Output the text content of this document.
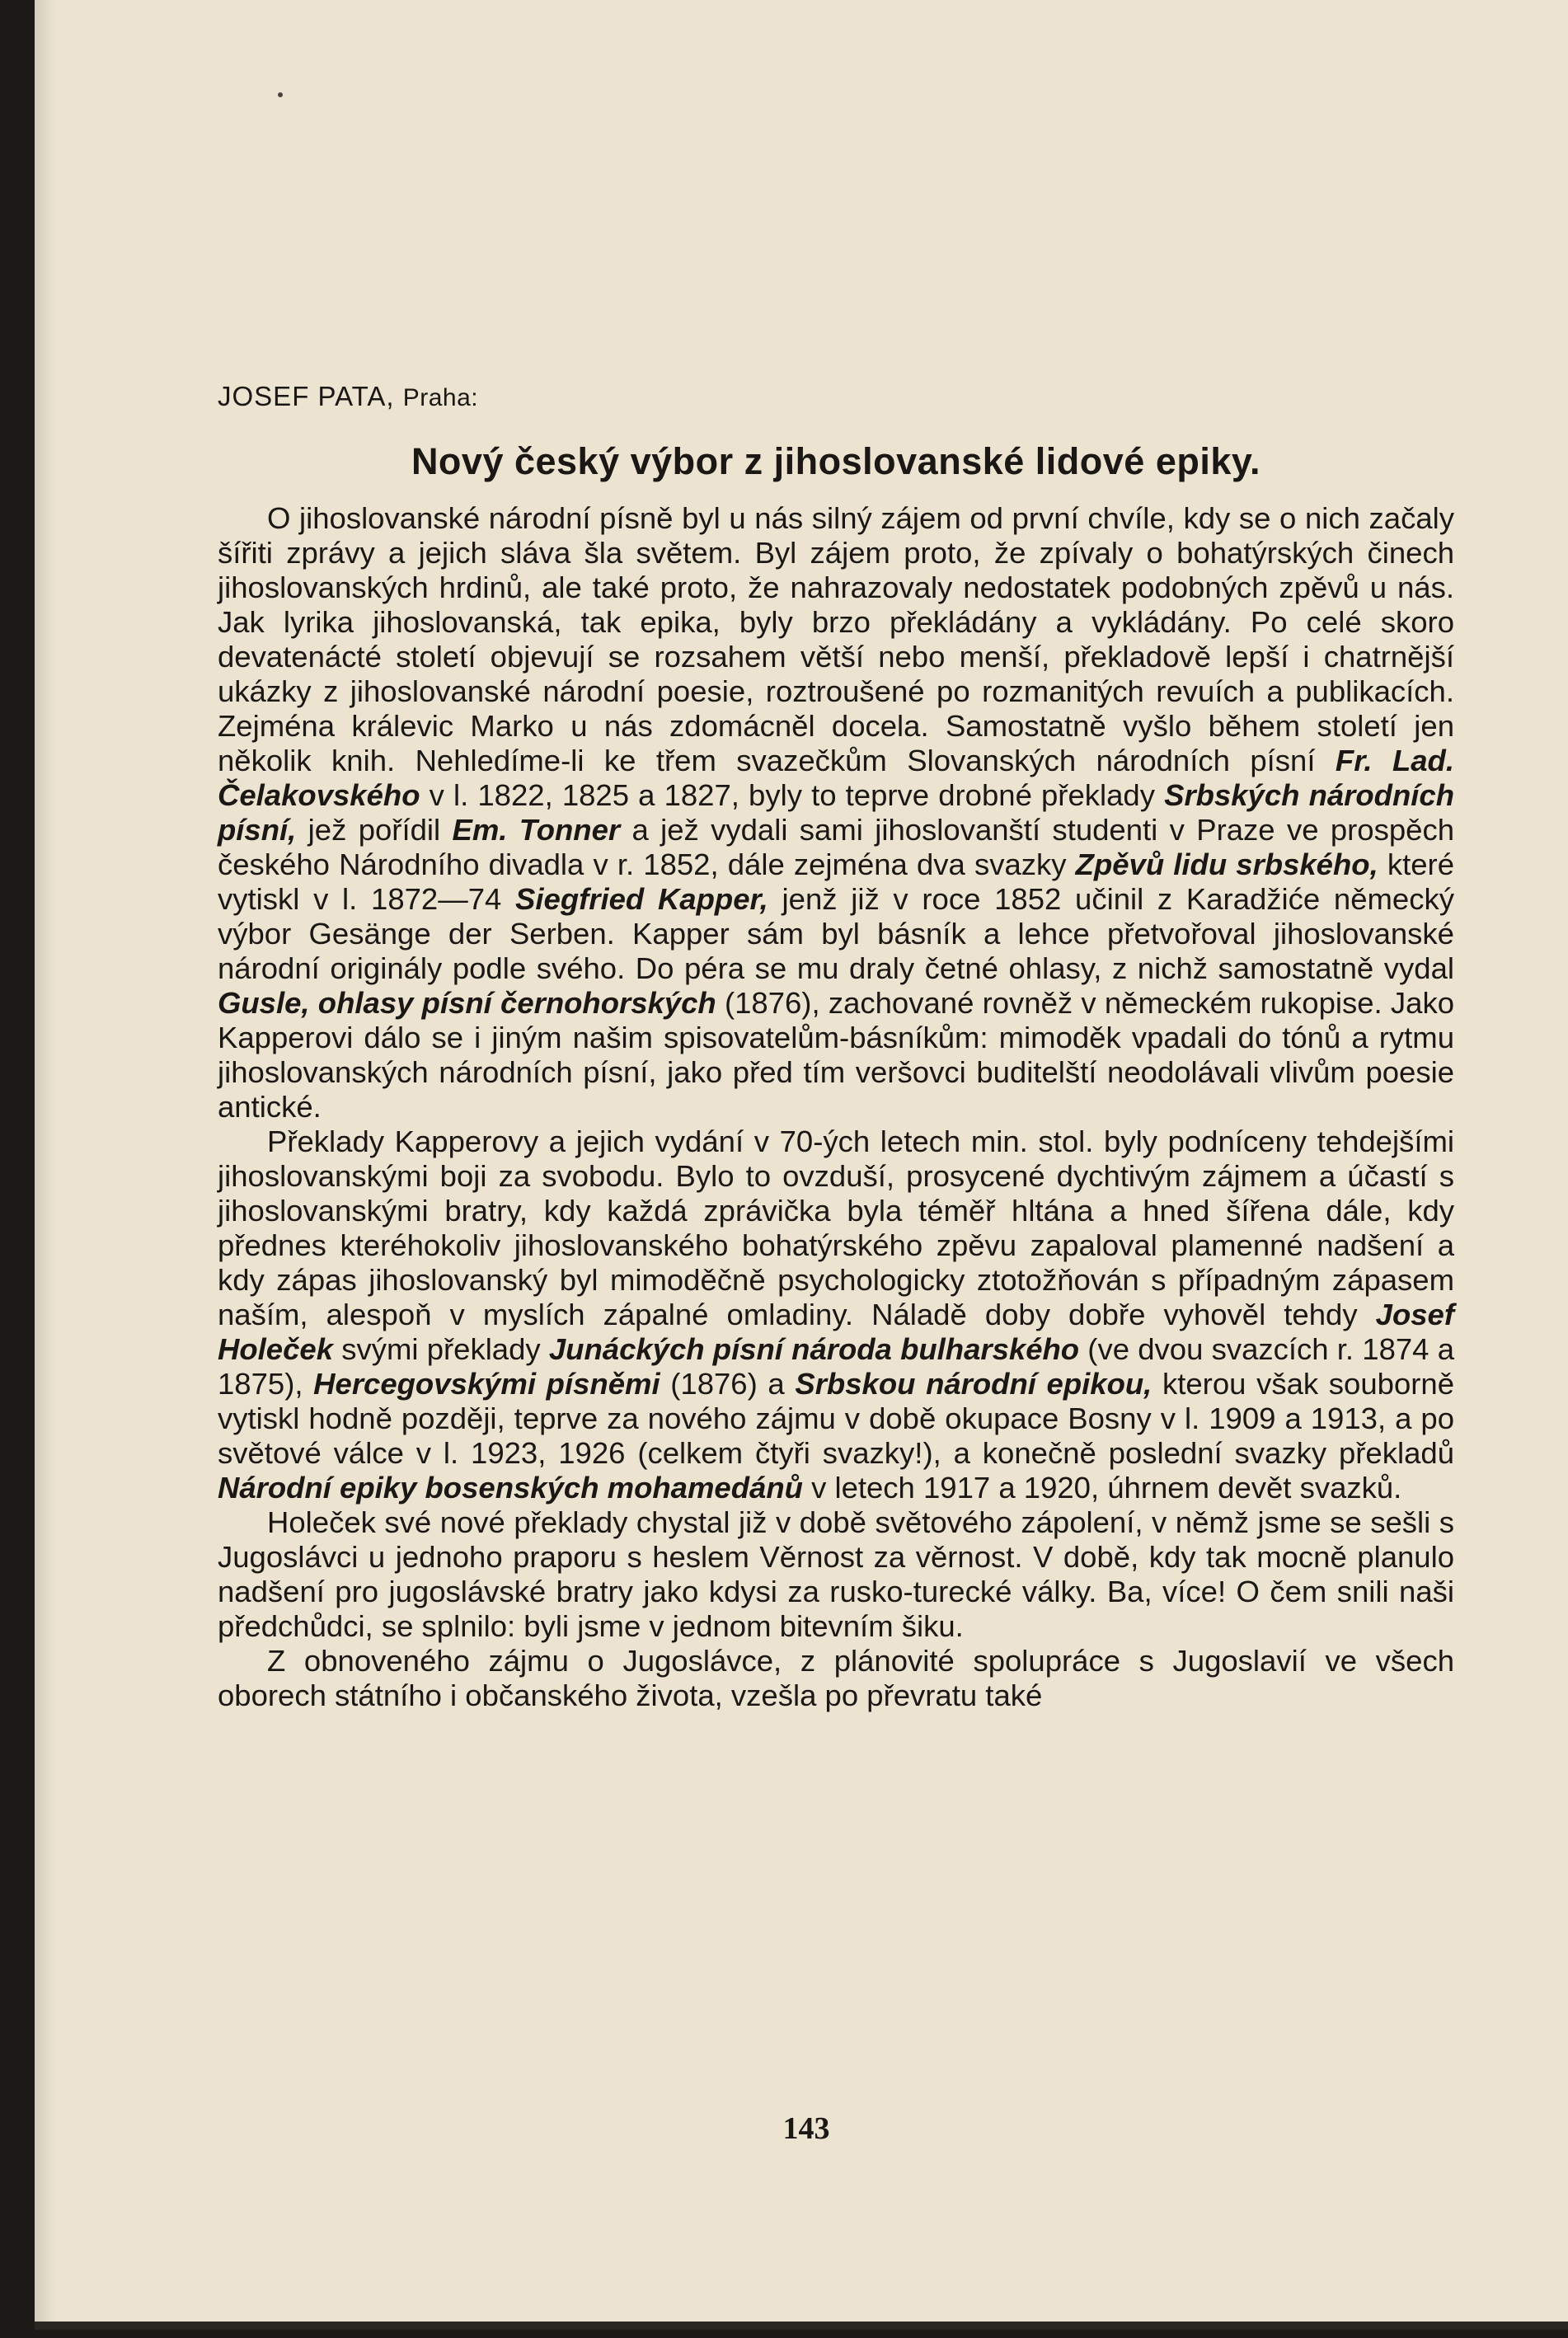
JOSEF PATA, Praha:
Nový český výbor z jihoslovanské lidové epiky.

O jihoslovanské národní písně byl u nás silný zájem od první chvíle, kdy se o nich začaly šířiti zprávy a jejich sláva šla světem. Byl zájem proto, že zpívaly o bohatýrských činech jihoslovanských hrdinů, ale také proto, že nahrazovaly nedostatek podobných zpěvů u nás. Jak lyrika jihoslovanská, tak epika, byly brzo překládány a vykládány. Po celé skoro devatenácté století objevují se rozsahem větší nebo menší, překladově lepší i chatrnější ukázky z jihoslovanské národní poesie, roztroušené po rozmanitých revuích a publikacích. Zejména králevic Marko u nás zdomácněl docela. Samostatně vyšlo během století jen několik knih. Nehledíme-li ke třem svazečkům Slovanských národních písní Fr. Lad. Čelakovského v l. 1822, 1825 a 1827, byly to teprve drobné překlady Srbských národních písní, jež pořídil Em. Tonner a jež vydali sami jihoslovanští studenti v Praze ve prospěch českého Národního divadla v r. 1852, dále zejména dva svazky Zpěvů lidu srbského, které vytiskl v l. 1872—74 Siegfried Kapper, jenž již v roce 1852 učinil z Karadžiće německý výbor Gesänge der Serben. Kapper sám byl básník a lehce přetvořoval jihoslovanské národní originály podle svého. Do péra se mu draly četné ohlasy, z nichž samostatně vydal Gusle, ohlasy písní černohorských (1876), zachované rovněž v německém rukopise. Jako Kapperovi dálo se i jiným našim spisovatelům-básníkům: mimoděk vpadali do tónů a rytmu jihoslovanských národních písní, jako před tím veršovci buditelští neodolávali vlivům poesie antické.

Překlady Kapperovy a jejich vydání v 70-ých letech min. stol. byly podníceny tehdejšími jihoslovanskými boji za svobodu. Bylo to ovzduší, prosycené dychtivým zájmem a účastí s jihoslovanskými bratry, kdy každá zprávička byla téměř hltána a hned šířena dále, kdy přednes kteréhokoliv jihoslovanského bohatýrského zpěvu zapaloval plamenné nadšení a kdy zápas jihoslovanský byl mimoděčně psychologicky ztotožňován s případným zápasem naším, alespoň v myslích zápalné omladiny. Náladě doby dobře vyhověl tehdy Josef Holeček svými překlady Junáckých písní národa bulharského (ve dvou svazcích r. 1874 a 1875), Hercegovskými písněmi (1876) a Srbskou národní epikou, kterou však souborně vytiskl hodně později, teprve za nového zájmu v době okupace Bosny v l. 1909 a 1913, a po světové válce v l. 1923, 1926 (celkem čtyři svazky!), a konečně poslední svazky překladů Národní epiky bosenských mohamedánů v letech 1917 a 1920, úhrnem devět svazků.

Holeček své nové překlady chystal již v době světového zápolení, v němž jsme se sešli s Jugoslávci u jednoho praporu s heslem Věrnost za věrnost. V době, kdy tak mocně planulo nadšení pro jugoslávské bratry jako kdysi za rusko-turecké války. Ba, více! O čem snili naši předchůdci, se splnilo: byli jsme v jednom bitevním šiku.

Z obnoveného zájmu o Jugoslávce, z plánovité spolupráce s Jugoslavií ve všech oborech státního i občanského života, vzešla po převratu také

143
